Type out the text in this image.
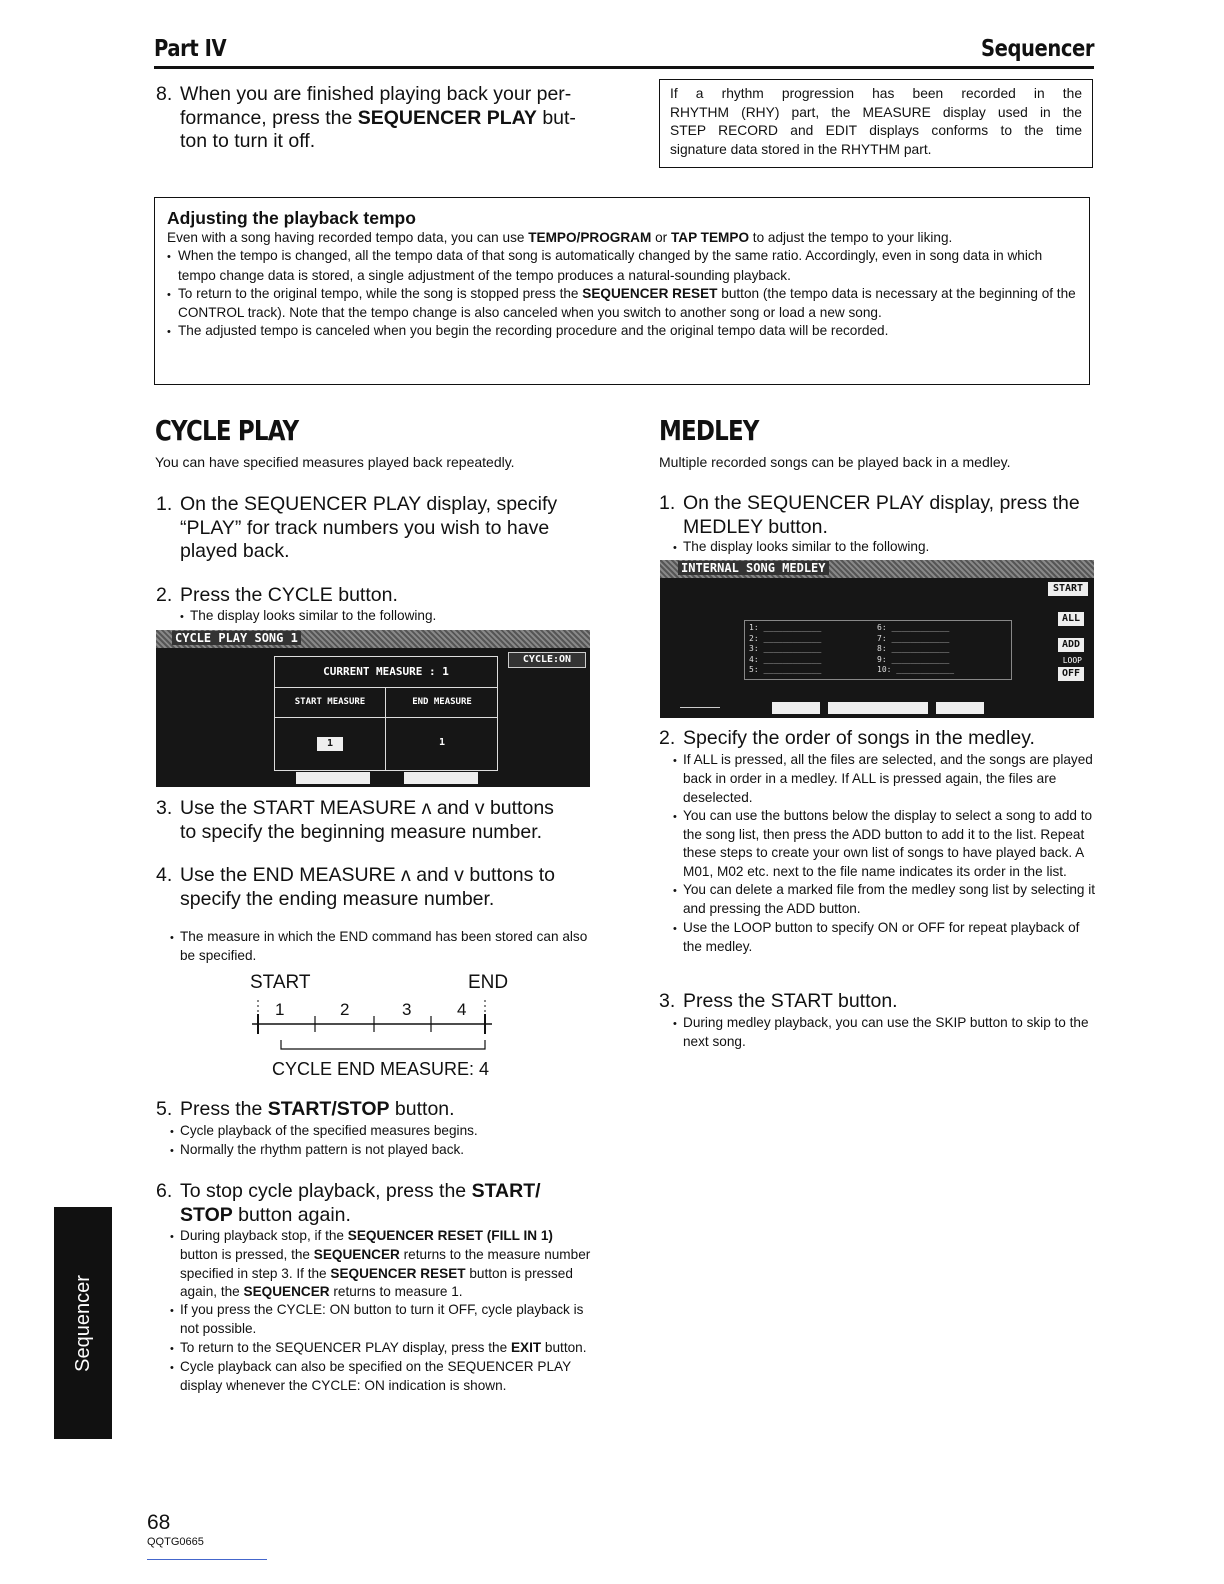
Part IV	Sequencer
8. When you are finished playing back your per-
formance, press the SEQUENCER PLAY but-
ton to turn it off.
If a rhythm progression has been recorded in the
RHYTHM (RHY) part, the MEASURE display used in the
STEP RECORD and EDIT displays conforms to the time
signature data stored in the RHYTHM part.
Adjusting the playback tempo
Even with a song having recorded tempo data, you can use TEMPO/PROGRAM or TAP TEMPO to adjust the tempo to your liking.
• When the tempo is changed, all the tempo data of that song is automatically changed by the same ratio. Accordingly, even in song data in which tempo change data is stored, a single adjustment of the tempo produces a natural-sounding playback.
• To return to the original tempo, while the song is stopped press the SEQUENCER RESET button (the tempo data is necessary at the beginning of the CONTROL track). Note that the tempo change is also canceled when you switch to another song or load a new song.
• The adjusted tempo is canceled when you begin the recording procedure and the original tempo data will be recorded.
CYCLE PLAY
You can have specified measures played back repeatedly.
1. On the SEQUENCER PLAY display, specify
“PLAY” for track numbers you wish to have
played back.
2. Press the CYCLE button.
• The display looks similar to the following.
CYCLE PLAY SONG 1
CYCLE:ON
CURRENT MEASURE : 1
START MEASURE	END MEASURE
1	1
3. Use the START MEASURE ʌ and v buttons
to specify the beginning measure number.
4. Use the END MEASURE ʌ and v buttons to
specify the ending measure number.
• The measure in which the END command has been stored can also be specified.
START	END
1	2	3	4
CYCLE END MEASURE: 4
5. Press the START/STOP button.
• Cycle playback of the specified measures begins.
• Normally the rhythm pattern is not played back.
6. To stop cycle playback, press the START/
STOP button again.
• During playback stop, if the SEQUENCER RESET (FILL IN 1) button is pressed, the SEQUENCER returns to the measure number specified in step 3. If the SEQUENCER RESET button is pressed again, the SEQUENCER returns to measure 1.
• If you press the CYCLE: ON button to turn it OFF, cycle playback is not possible.
• To return to the SEQUENCER PLAY display, press the EXIT button.
• Cycle playback can also be specified on the SEQUENCER PLAY display whenever the CYCLE: ON indication is shown.
MEDLEY
Multiple recorded songs can be played back in a medley.
1. On the SEQUENCER PLAY display, press the
MEDLEY button.
• The display looks similar to the following.
INTERNAL SONG MEDLEY
START
ALL
ADD
LOOP
OFF
1: ____________
2: ____________
3: ____________
4: ____________
5: ____________
6: ____________
7: ____________
8: ____________
9: ____________
10: ____________
2. Specify the order of songs in the medley.
• If ALL is pressed, all the files are selected, and the songs are played back in order in a medley. If ALL is pressed again, the files are deselected.
• You can use the buttons below the display to select a song to add to the song list, then press the ADD button to add it to the list. Repeat these steps to create your own list of songs to have played back. A M01, M02 etc. next to the file name indicates its order in the list.
• You can delete a marked file from the medley song list by selecting it and pressing the ADD button.
• Use the LOOP button to specify ON or OFF for repeat playback of the medley.
3. Press the START button.
• During medley playback, you can use the SKIP button to skip to the next song.
Sequencer
68
QQTG0665
